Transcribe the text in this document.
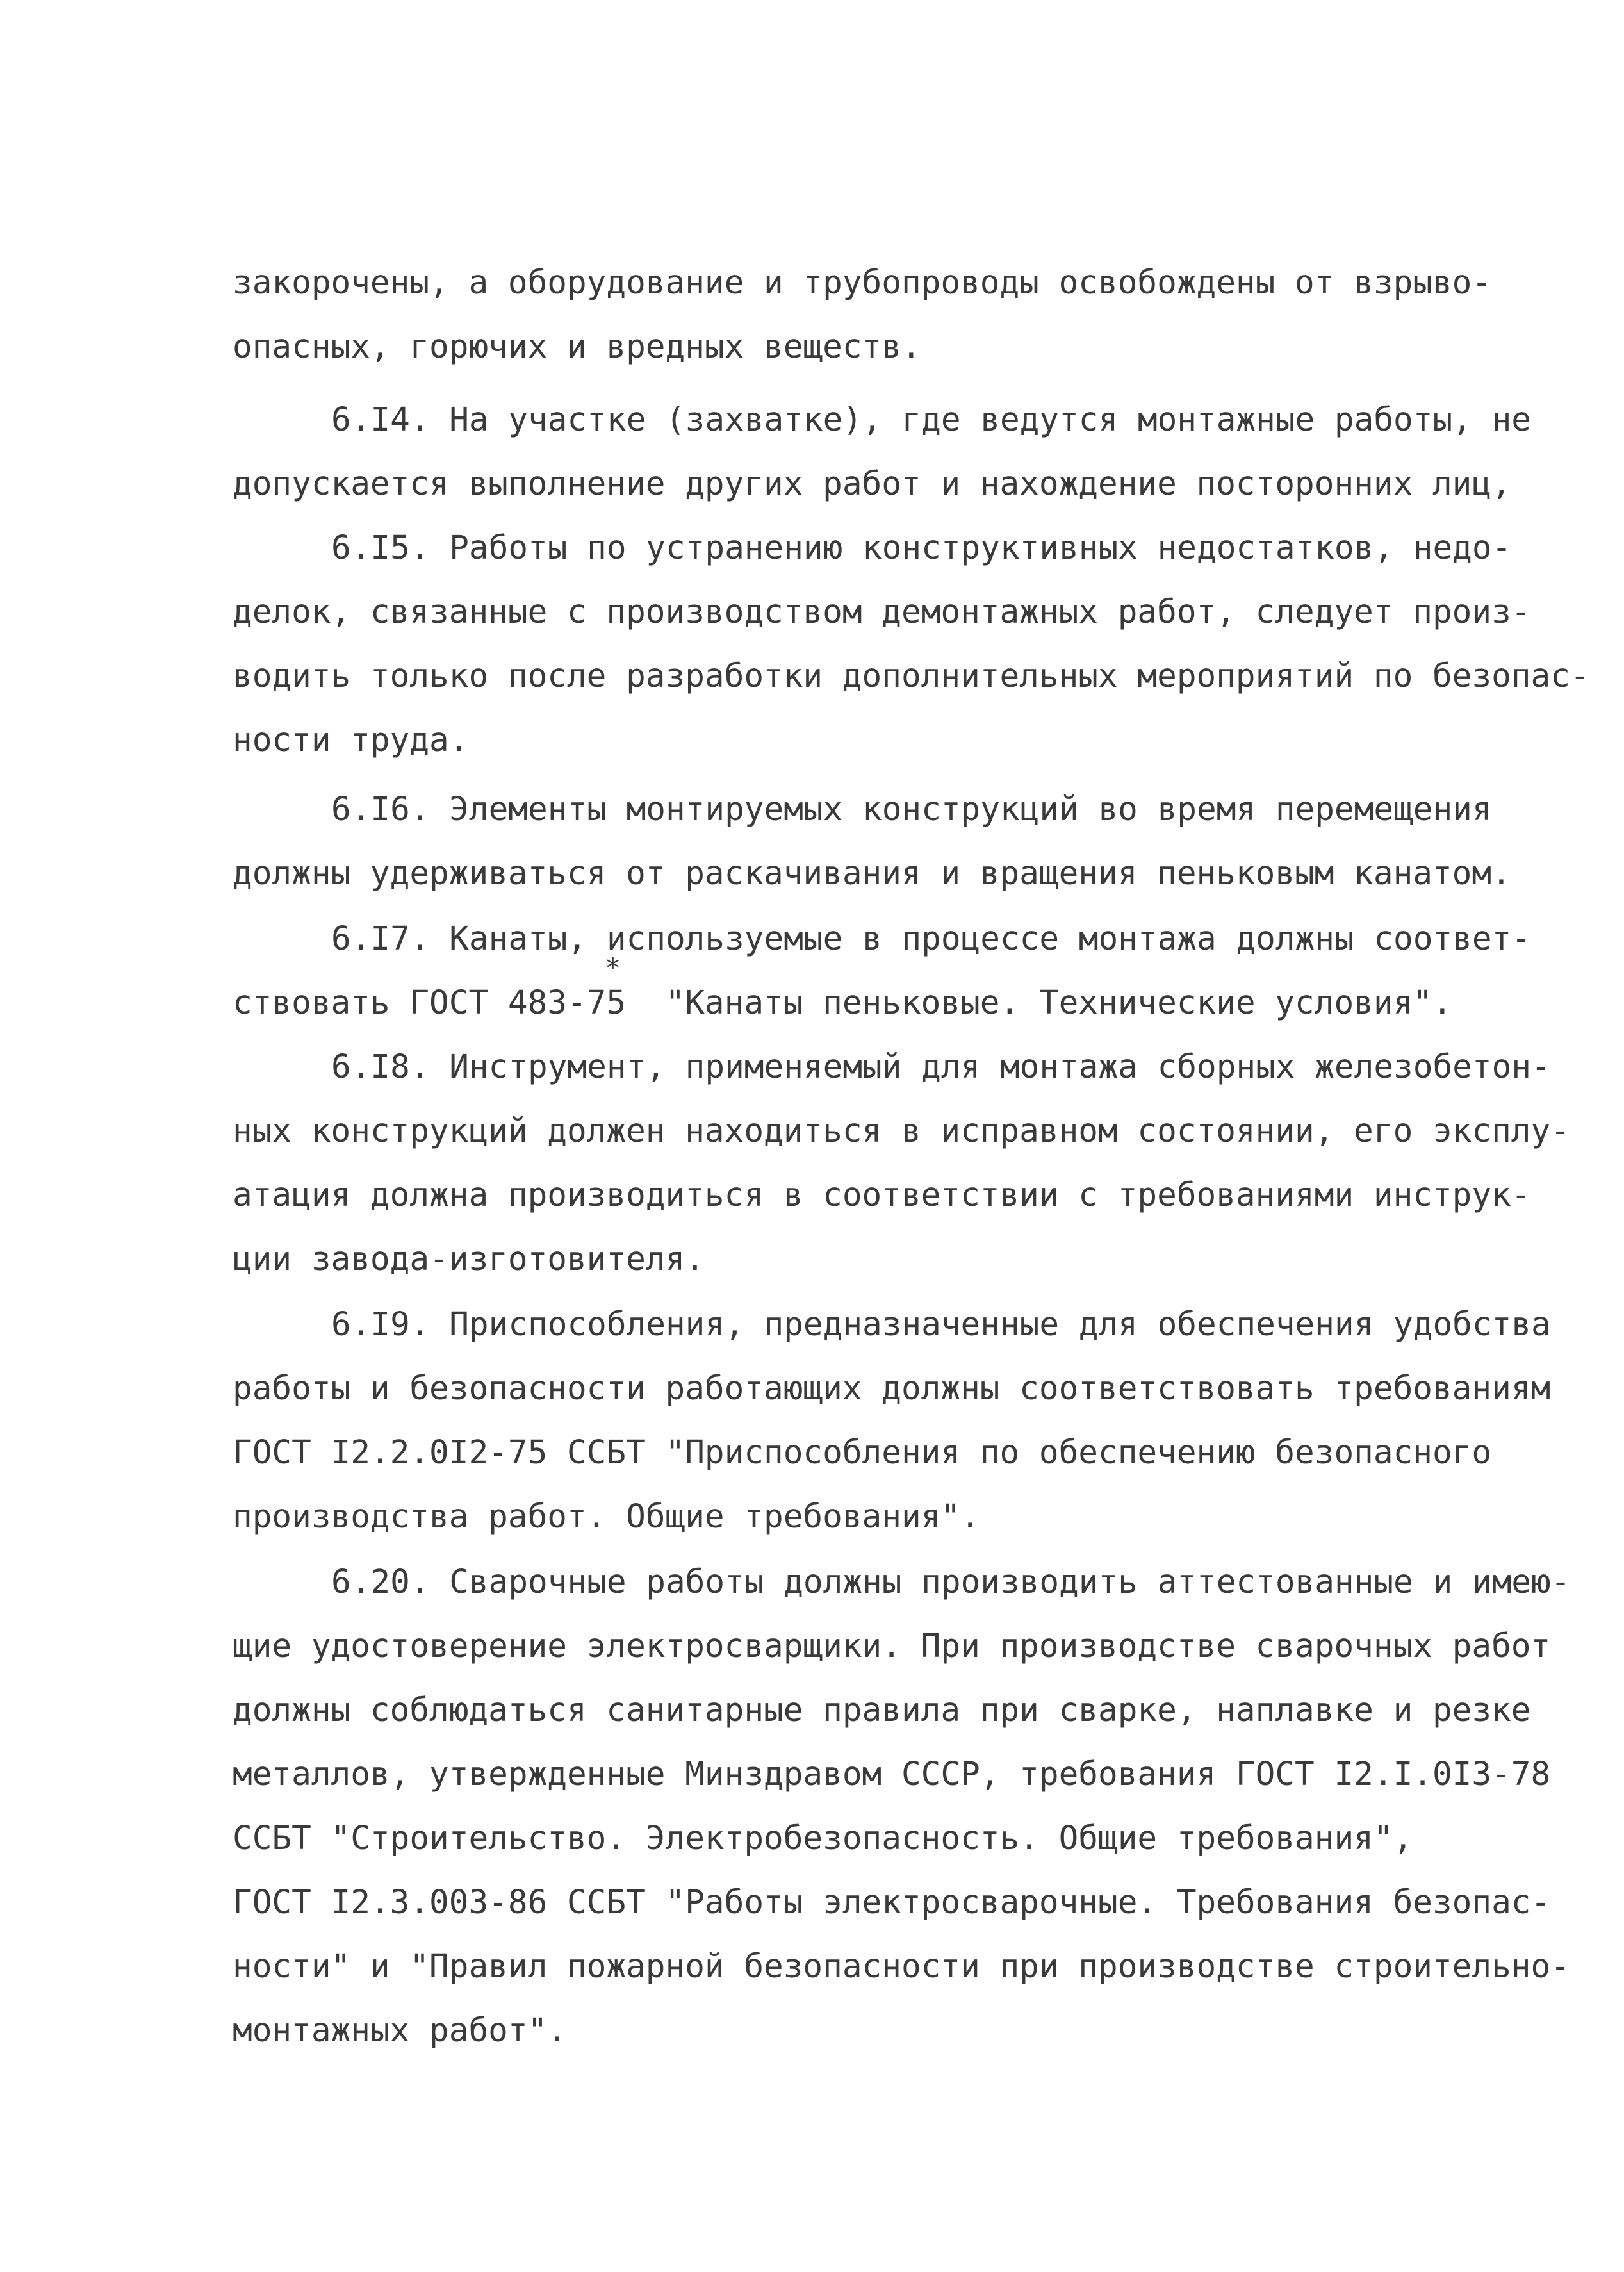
закорочены, а оборудование и трубопроводы освобождены от взрыво-
опасных, горючих и вредных веществ.
6.I4. На участке (захватке), где ведутся монтажные работы, не
допускается выполнение других работ и нахождение посторонних лиц,
6.I5. Работы по устранению конструктивных недостатков, недо-
делок, связанные с производством демонтажных работ, следует произ-
водить только после разработки дополнительных мероприятий по безопас-
ности труда.
6.I6. Элементы монтируемых конструкций во время перемещения
должны удерживаться от раскачивания и вращения пеньковым канатом.
6.I7. Канаты, используемые в процессе монтажа должны соответ-
ствовать ГОСТ 483-75  "Канаты пеньковые. Технические условия".
*
6.I8. Инструмент, применяемый для монтажа сборных железобетон-
ных конструкций должен находиться в исправном состоянии, его эксплу-
атация должна производиться в соответствии с требованиями инструк-
ции завода-изготовителя.
6.I9. Приспособления, предназначенные для обеспечения удобства
работы и безопасности работающих должны соответствовать требованиям
ГОСТ I2.2.0I2-75 ССБТ "Приспособления по обеспечению безопасного
производства работ. Общие требования".
6.20. Сварочные работы должны производить аттестованные и имею-
щие удостоверение электросварщики. При производстве сварочных работ
должны соблюдаться санитарные правила при сварке, наплавке и резке
металлов, утвержденные Минздравом СССР, требования ГОСТ I2.I.0I3-78
ССБТ "Строительство. Электробезопасность. Общие требования",
ГОСТ I2.3.003-86 ССБТ "Работы электросварочные. Требования безопас-
ности" и "Правил пожарной безопасности при производстве строительно-
монтажных работ".
